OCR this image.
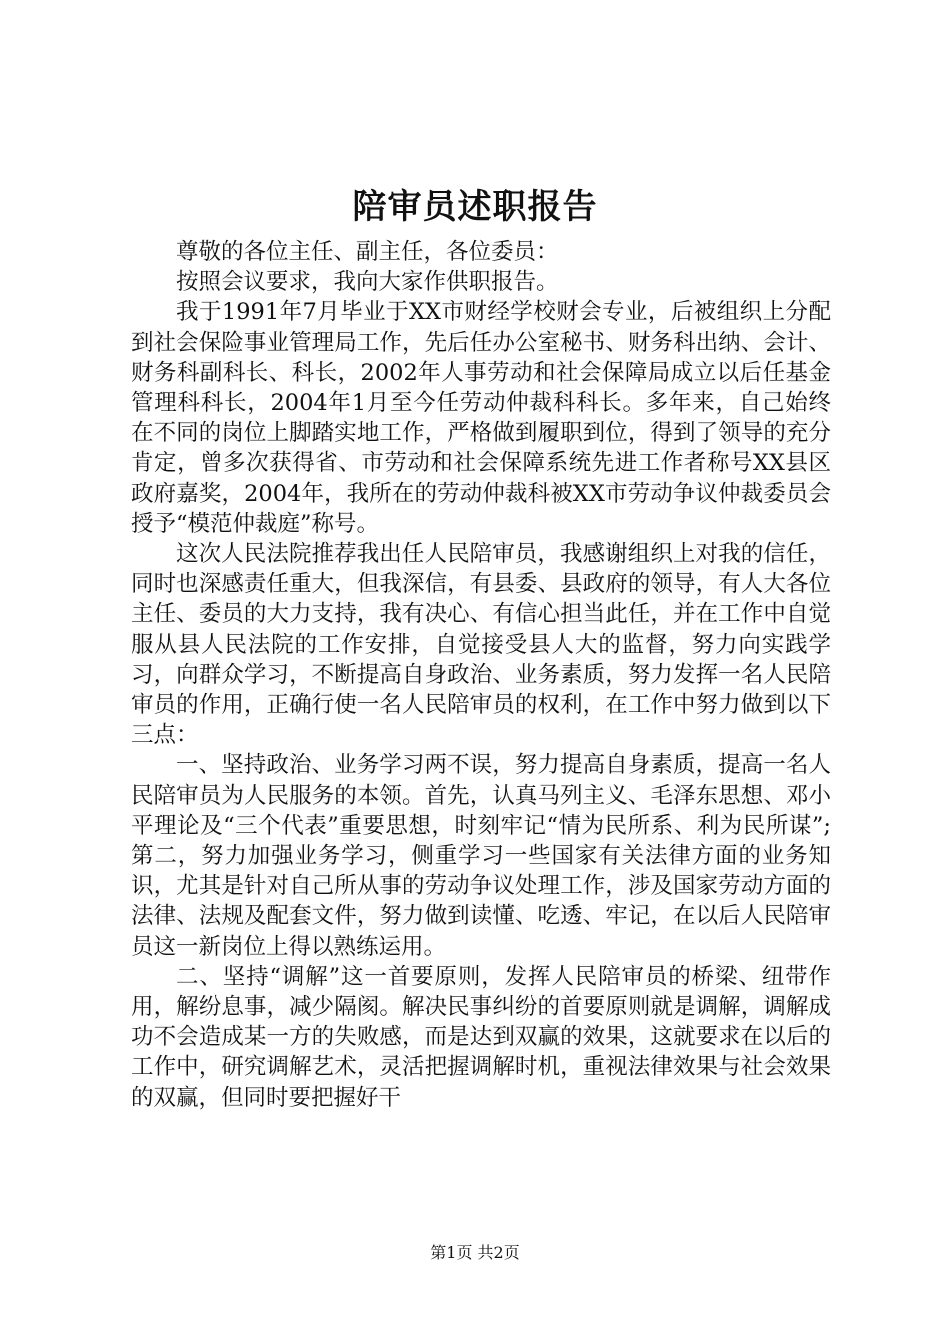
陪审员述职报告

尊敬的各位主任、副主任，各位委员：

按照会议要求，我向大家作供职报告。

我于1991年7月毕业于XX市财经学校财会专业，后被组织上分配到社会保险事业管理局工作，先后任办公室秘书、财务科出纳、会计、财务科副科长、科长，2002年人事劳动和社会保障局成立以后任基金管理科科长，2004年1月至今任劳动仲裁科科长。多年来，自己始终在不同的岗位上脚踏实地工作，严格做到履职到位，得到了领导的充分肯定，曾多次获得省、市劳动和社会保障系统先进工作者称号XX县区政府嘉奖，2004年，我所在的劳动仲裁科被XX市劳动争议仲裁委员会授予“模范仲裁庭”称号。

这次人民法院推荐我出任人民陪审员，我感谢组织上对我的信任，同时也深感责任重大，但我深信，有县委、县政府的领导，有人大各位主任、委员的大力支持，我有决心、有信心担当此任，并在工作中自觉服从县人民法院的工作安排，自觉接受县人大的监督，努力向实践学习，向群众学习，不断提高自身政治、业务素质，努力发挥一名人民陪审员的作用，正确行使一名人民陪审员的权利，在工作中努力做到以下三点：

一、坚持政治、业务学习两不误，努力提高自身素质，提高一名人民陪审员为人民服务的本领。首先，认真马列主义、毛泽东思想、邓小平理论及“三个代表”重要思想，时刻牢记“情为民所系、利为民所谋”;第二，努力加强业务学习，侧重学习一些国家有关法律方面的业务知识，尤其是针对自己所从事的劳动争议处理工作，涉及国家劳动方面的法律、法规及配套文件，努力做到读懂、吃透、牢记，在以后人民陪审员这一新岗位上得以熟练运用。

二、坚持“调解”这一首要原则，发挥人民陪审员的桥梁、纽带作用，解纷息事，减少隔阂。解决民事纠纷的首要原则就是调解，调解成功不会造成某一方的失败感，而是达到双赢的效果，这就要求在以后的工作中，研究调解艺术，灵活把握调解时机，重视法律效果与社会效果的双赢，但同时要把握好干

第1页 共2页
